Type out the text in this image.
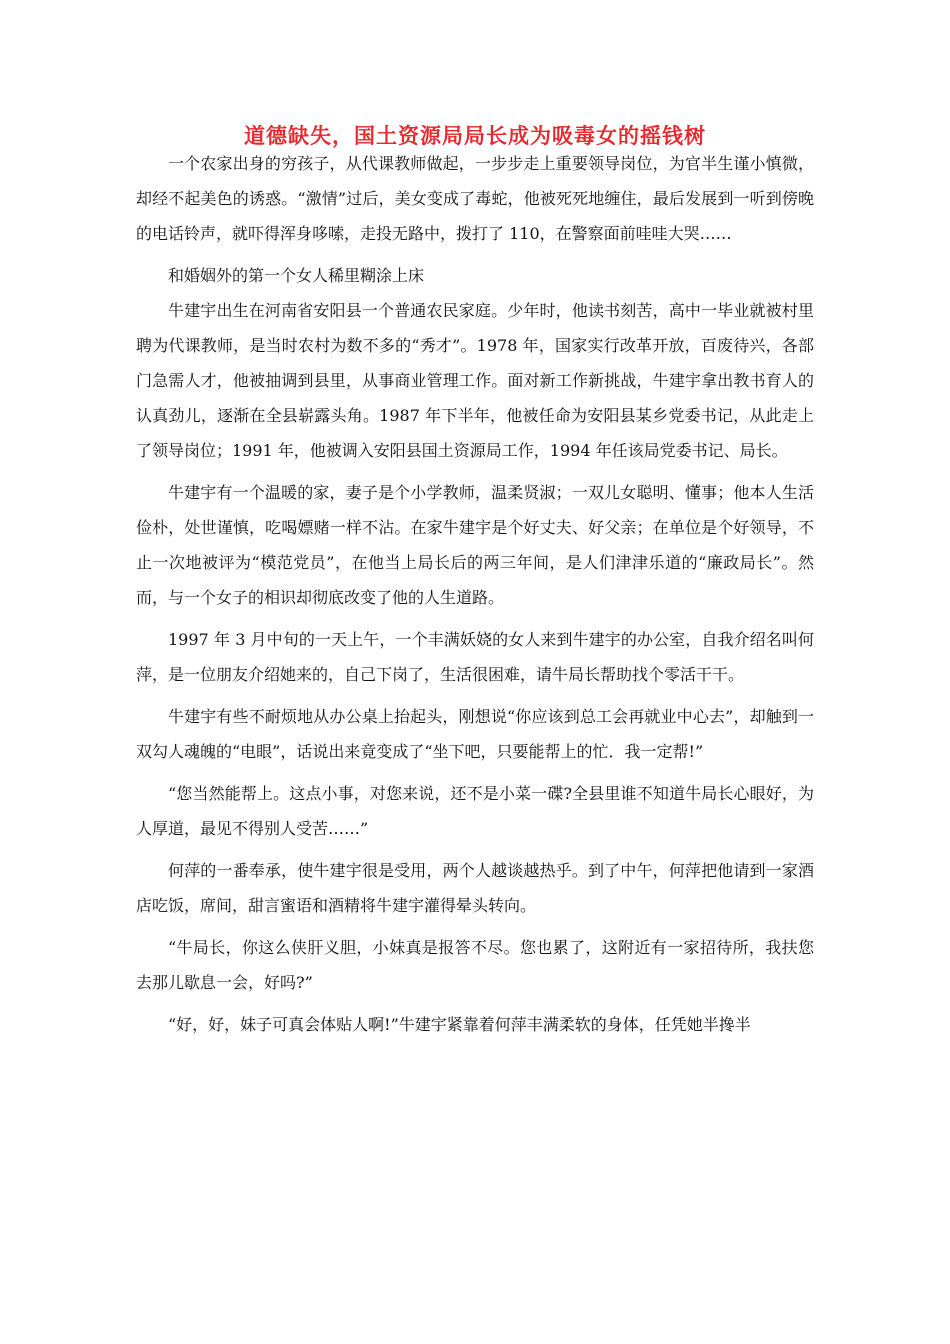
道德缺失，国土资源局局长成为吸毒女的摇钱树

一个农家出身的穷孩子，从代课教师做起，一步步走上重要领导岗位，为官半生谨小慎微，却经不起美色的诱惑。“激情”过后，美女变成了毒蛇，他被死死地缠住，最后发展到一听到傍晚的电话铃声，就吓得浑身哆嗦，走投无路中，拨打了 110，在警察面前哇哇大哭……

和婚姻外的第一个女人稀里糊涂上床

牛建宇出生在河南省安阳县一个普通农民家庭。少年时，他读书刻苦，高中一毕业就被村里聘为代课教师，是当时农村为数不多的“秀才”。1978 年，国家实行改革开放，百废待兴，各部门急需人才，他被抽调到县里，从事商业管理工作。面对新工作新挑战，牛建宇拿出教书育人的认真劲儿，逐渐在全县崭露头角。1987 年下半年，他被任命为安阳县某乡党委书记，从此走上了领导岗位；1991 年，他被调入安阳县国土资源局工作，1994 年任该局党委书记、局长。

牛建宇有一个温暖的家，妻子是个小学教师，温柔贤淑；一双儿女聪明、懂事；他本人生活俭朴，处世谨慎，吃喝嫖赌一样不沾。在家牛建宇是个好丈夫、好父亲；在单位是个好领导，不止一次地被评为“模范党员”，在他当上局长后的两三年间，是人们津津乐道的“廉政局长”。然而，与一个女子的相识却彻底改变了他的人生道路。

1997 年 3 月中旬的一天上午，一个丰满妖娆的女人来到牛建宇的办公室，自我介绍名叫何萍，是一位朋友介绍她来的，自己下岗了，生活很困难，请牛局长帮助找个零活干干。

牛建宇有些不耐烦地从办公桌上抬起头，刚想说“你应该到总工会再就业中心去”，却触到一双勾人魂魄的“电眼”，话说出来竟变成了“坐下吧，只要能帮上的忙．我一定帮!”

“您当然能帮上。这点小事，对您来说，还不是小菜一碟?全县里谁不知道牛局长心眼好，为人厚道，最见不得别人受苦……”

何萍的一番奉承，使牛建宇很是受用，两个人越谈越热乎。到了中午，何萍把他请到一家酒店吃饭，席间，甜言蜜语和酒精将牛建宇灌得晕头转向。

“牛局长，你这么侠肝义胆，小妹真是报答不尽。您也累了，这附近有一家招待所，我扶您去那儿歇息一会，好吗?”

“好，好，妹子可真会体贴人啊!”牛建宇紧靠着何萍丰满柔软的身体，任凭她半搀半
